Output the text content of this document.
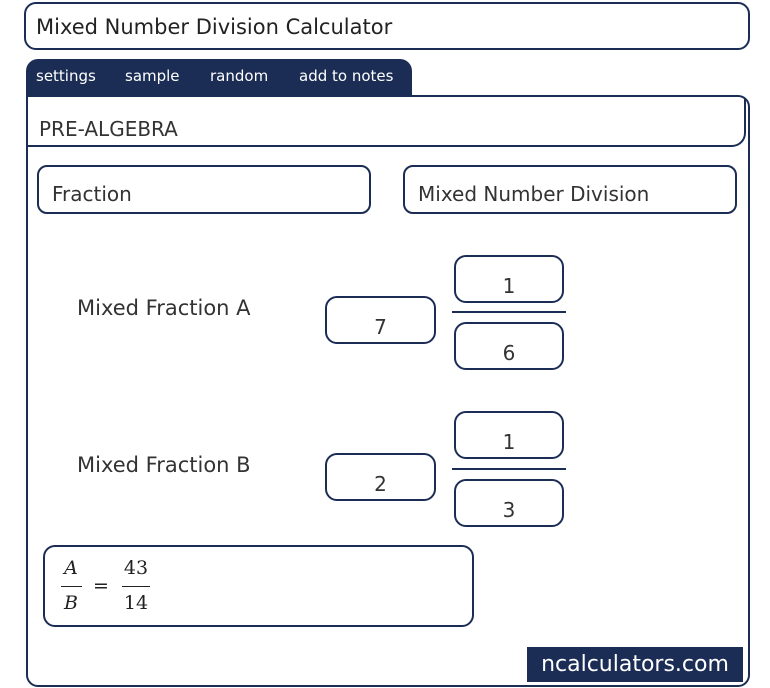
Mixed Number Division Calculator
settings sample random add to notes
PRE-ALGEBRA
Fraction	Mixed Number Division
Mixed Fraction A
7
1
6
Mixed Fraction B
2
1
3
A
B
=
43
14
ncalculators.com
